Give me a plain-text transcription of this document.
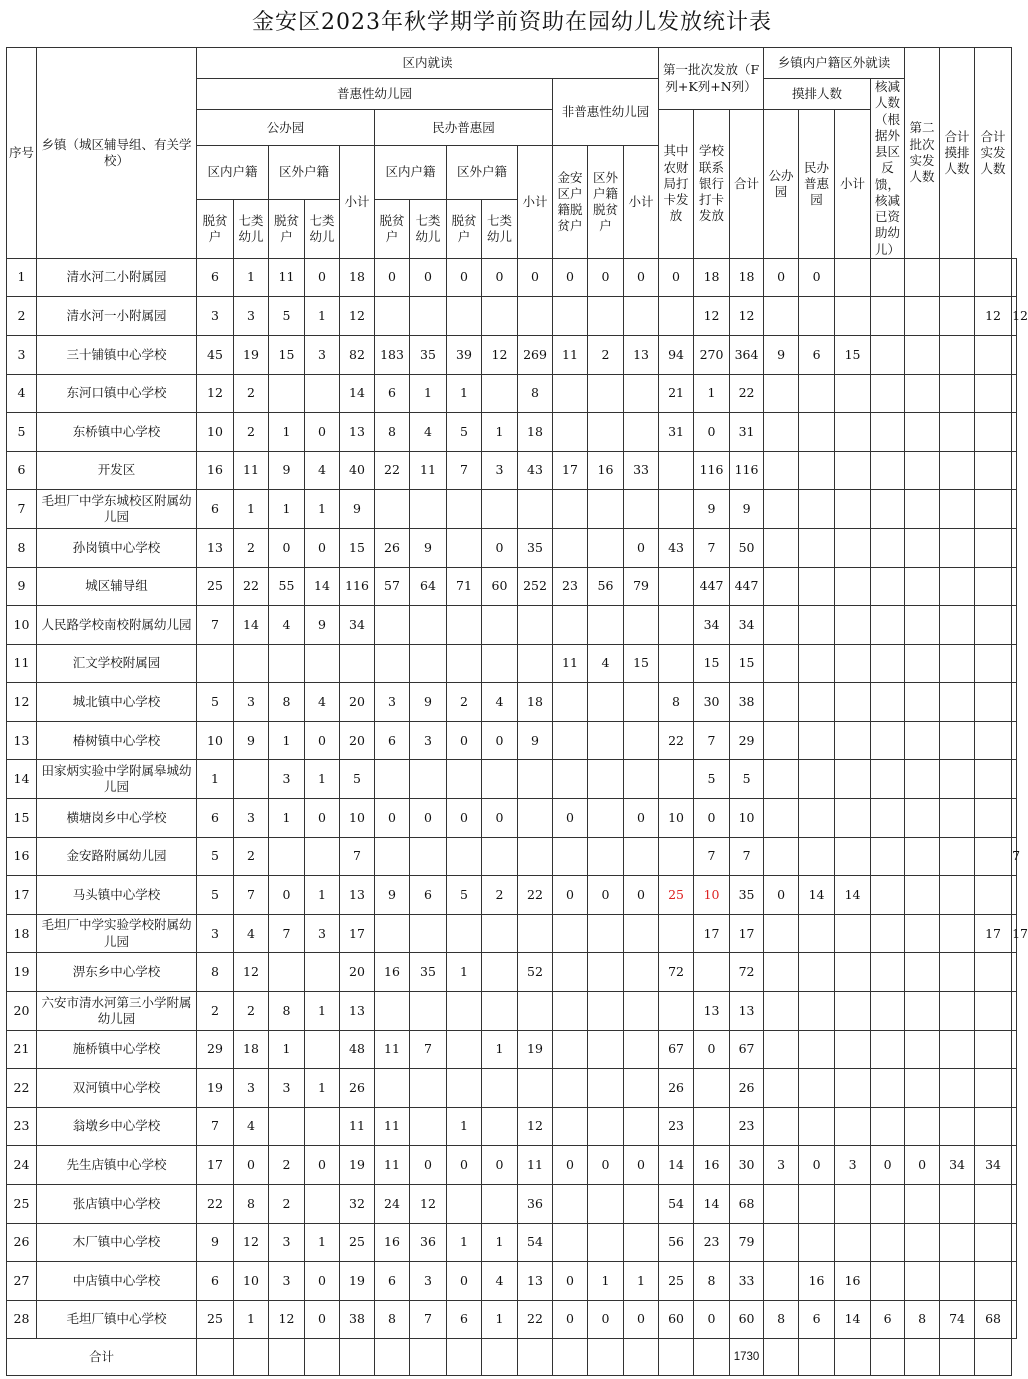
金安区2023年秋学期学前资助在园幼儿发放统计表
序号	乡镇（城区辅导组、有关学校）	区内就读													第一批次发放（F列+K列+N列）			乡镇内户籍区外就读				第二批次实发人数	合计摸排人数	合计实发人数	
		普惠性幼儿园										非普惠性幼儿园						摸排人数			核减人数（根据外县区反馈，核减已资助幼儿）				
		公办园					民办普惠园								其中农财局打卡发放	学校联系银行打卡发放	合计	公办园	民办普惠园	小计					
		区内户籍		区外户籍		小计	区内户籍		区外户籍		小计	金安区户籍脱贫户	区外户籍脱贫户	小计											
		脱贫户	七类幼儿	脱贫户	七类幼儿		脱贫户	七类幼儿	脱贫户	七类幼儿															
1	清水河二小附属园	6	1	11	0	18	0	0	0	0	0	0	0	0	0	18	18	0	0						
2	清水河一小附属园	3	3	5	1	12										12	12							12	12
3	三十铺镇中心学校	45	19	15	3	82	183	35	39	12	269	11	2	13	94	270	364	9	6	15					
4	东河口镇中心学校	12	2			14	6	1	1		8				21	1	22								
5	东桥镇中心学校	10	2	1	0	13	8	4	5	1	18				31	0	31								
6	开发区	16	11	9	4	40	22	11	7	3	43	17	16	33		116	116								
7	毛坦厂中学东城校区附属幼儿园	6	1	1	1	9										9	9								
8	孙岗镇中心学校	13	2	0	0	15	26	9		0	35			0	43	7	50								
9	城区辅导组	25	22	55	14	116	57	64	71	60	252	23	56	79		447	447								
10	人民路学校南校附属幼儿园	7	14	4	9	34										34	34								
11	汇文学校附属园											11	4	15		15	15								
12	城北镇中心学校	5	3	8	4	20	3	9	2	4	18				8	30	38								
13	椿树镇中心学校	10	9	1	0	20	6	3	0	0	9				22	7	29								
14	田家炳实验中学附属皋城幼儿园	1		3	1	5										5	5								
15	横塘岗乡中心学校	6	3	1	0	10	0	0	0	0		0		0	10	0	10								
16	金安路附属幼儿园	5	2			7										7	7								7
17	马头镇中心学校	5	7	0	1	13	9	6	5	2	22	0	0	0	25	10	35	0	14	14					
18	毛坦厂中学实验学校附属幼儿园	3	4	7	3	17										17	17							17	17
19	淠东乡中心学校	8	12			20	16	35	1		52				72		72								
20	六安市清水河第三小学附属幼儿园	2	2	8	1	13										13	13								
21	施桥镇中心学校	29	18	1		48	11	7		1	19				67	0	67								
22	双河镇中心学校	19	3	3	1	26									26		26								
23	翁墩乡中心学校	7	4			11	11		1		12				23		23								
24	先生店镇中心学校	17	0	2	0	19	11	0	0	0	11	0	0	0	14	16	30	3	0	3	0	0	34	34	
25	张店镇中心学校	22	8	2		32	24	12			36				54	14	68								
26	木厂镇中心学校	9	12	3	1	25	16	36	1	1	54				56	23	79								
27	中店镇中心学校	6	10	3	0	19	6	3	0	4	13	0	1	1	25	8	33		16	16					
28	毛坦厂镇中心学校	25	1	12	0	38	8	7	6	1	22	0	0	0	60	0	60	8	6	14	6	8	74	68	
合计																	1730								
